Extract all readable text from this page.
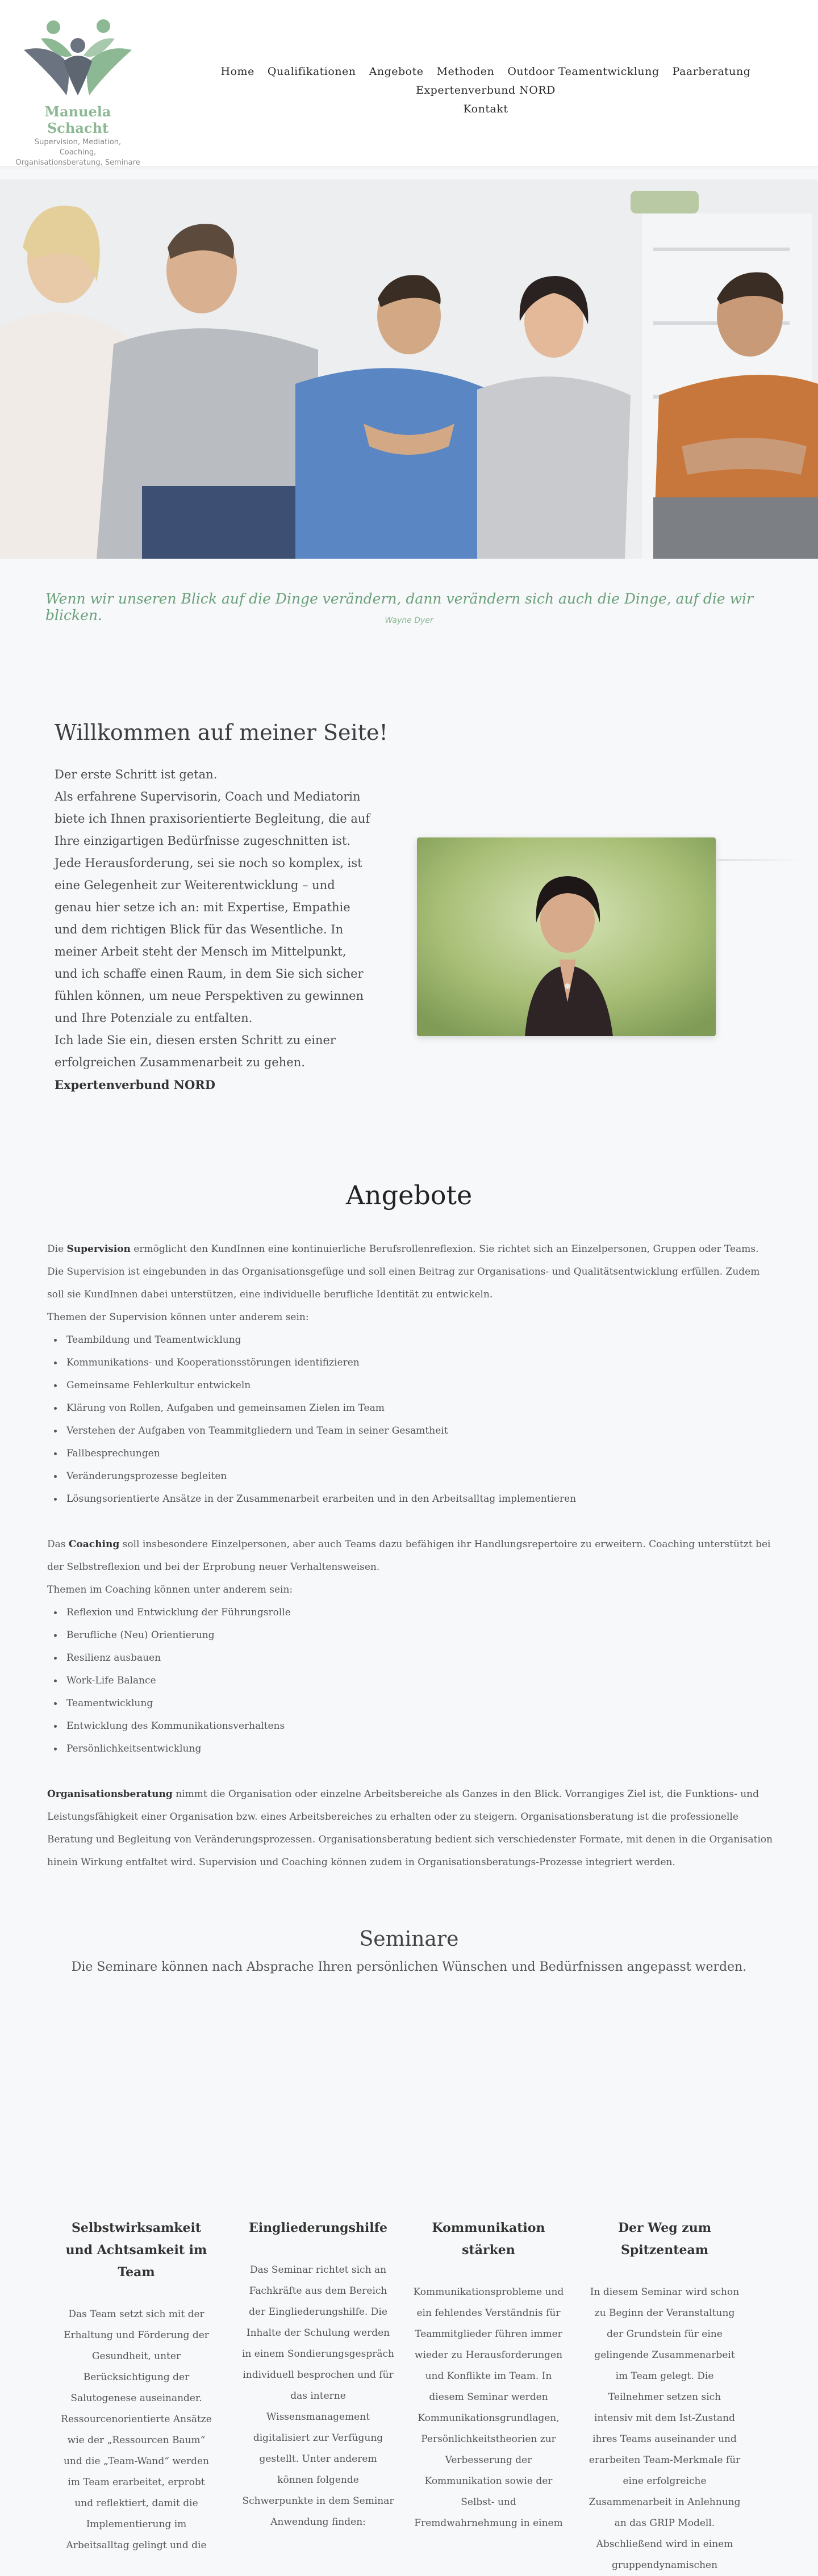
Manuela Schacht
Supervision, Mediation, Coaching, Organisationsberatung, Seminare
Home Qualifikationen Angebote Methoden Outdoor Teamentwicklung Paarberatung Expertenverbund NORD
Kontakt
Wenn wir unseren Blick auf die Dinge verändern, dann verändern sich auch die Dinge, auf die wir blicken.	Wayne Dyer
Willkommen auf meiner Seite!

Der erste Schritt ist getan.

Als erfahrene Supervisorin, Coach und Mediatorin biete ich Ihnen praxisorientierte Begleitung, die auf Ihre einzigartigen Bedürfnisse zugeschnitten ist. Jede Herausforderung, sei sie noch so komplex, ist eine Gelegenheit zur Weiterentwicklung – und genau hier setze ich an: mit Expertise, Empathie und dem richtigen Blick für das Wesentliche. In meiner Arbeit steht der Mensch im Mittelpunkt, und ich schaffe einen Raum, in dem Sie sich sicher fühlen können, um neue Perspektiven zu gewinnen und Ihre Potenziale zu entfalten.

Ich lade Sie ein, diesen ersten Schritt zu einer erfolgreichen Zusammenarbeit zu gehen.

Expertenverbund NORD

Angebote

Die Supervision ermöglicht den KundInnen eine kontinuierliche Berufsrollenreflexion. Sie richtet sich an Einzelpersonen, Gruppen oder Teams. Die Supervision ist eingebunden in das Organisationsgefüge und soll einen Beitrag zur Organisations- und Qualitätsentwicklung erfüllen. Zudem soll sie KundInnen dabei unterstützen, eine individuelle berufliche Identität zu entwickeln.

Themen der Supervision können unter anderem sein:

Teambildung und Teamentwicklung
Kommunikations- und Kooperationsstörungen identifizieren
Gemeinsame Fehlerkultur entwickeln
Klärung von Rollen, Aufgaben und gemeinsamen Zielen im Team
Verstehen der Aufgaben von Teammitgliedern und Team in seiner Gesamtheit
Fallbesprechungen
Veränderungsprozesse begleiten
Lösungsorientierte Ansätze in der Zusammenarbeit erarbeiten und in den Arbeitsalltag implementieren

Das Coaching soll insbesondere Einzelpersonen, aber auch Teams dazu befähigen ihr Handlungsrepertoire zu erweitern. Coaching unterstützt bei der Selbstreflexion und bei der Erprobung neuer Verhaltensweisen.

Themen im Coaching können unter anderem sein:

Reflexion und Entwicklung der Führungsrolle
Berufliche (Neu) Orientierung
Resilienz ausbauen
Work-Life Balance
Teamentwicklung
Entwicklung des Kommunikationsverhaltens
Persönlichkeitsentwicklung

Organisationsberatung nimmt die Organisation oder einzelne Arbeitsbereiche als Ganzes in den Blick. Vorrangiges Ziel ist, die Funktions- und Leistungsfähigkeit einer Organisation bzw. eines Arbeitsbereiches zu erhalten oder zu steigern. Organisationsberatung ist die professionelle Beratung und Begleitung von Veränderungsprozessen. Organisationsberatung bedient sich verschiedenster Formate, mit denen in die Organisation hinein Wirkung entfaltet wird. Supervision und Coaching können zudem in Organisationsberatungs-Prozesse integriert werden.

Seminare
Die Seminare können nach Absprache Ihren persönlichen Wünschen und Bedürfnissen angepasst werden.
Selbstwirksamkeit und Achtsamkeit im Team

Das Team setzt sich mit der Erhaltung und Förderung der Gesundheit, unter Berücksichtigung der Salutogenese auseinander. Ressourcenorientierte Ansätze wie der „Ressourcen Baum“ und die „Team-Wand“ werden im Team erarbeitet, erprobt und reflektiert, damit die Implementierung im Arbeitsalltag gelingt und die

Eingliederungshilfe

Das Seminar richtet sich an Fachkräfte aus dem Bereich der Eingliederungshilfe. Die Inhalte der Schulung werden in einem Sondierungsgespräch individuell besprochen und für das interne Wissensmanagement digitalisiert zur Verfügung gestellt. Unter anderem können folgende Schwerpunkte in dem Seminar Anwendung finden:

Kommunikation stärken

Kommunikationsprobleme und ein fehlendes Verständnis für Teammitglieder führen immer wieder zu Herausforderungen und Konflikte im Team. In diesem Seminar werden Kommunikationsgrundlagen, Persönlichkeitstheorien zur Verbesserung der Kommunikation sowie der Selbst- und Fremdwahrnehmung in einem

Der Weg zum Spitzenteam

In diesem Seminar wird schon zu Beginn der Veranstaltung der Grundstein für eine gelingende Zusammenarbeit im Team gelegt. Die Teilnehmer setzen sich intensiv mit dem Ist-Zustand ihres Teams auseinander und erarbeiten Team-Merkmale für eine erfolgreiche Zusammenarbeit in Anlehnung an das GRIP Modell. Abschließend wird in einem gruppendynamischen
